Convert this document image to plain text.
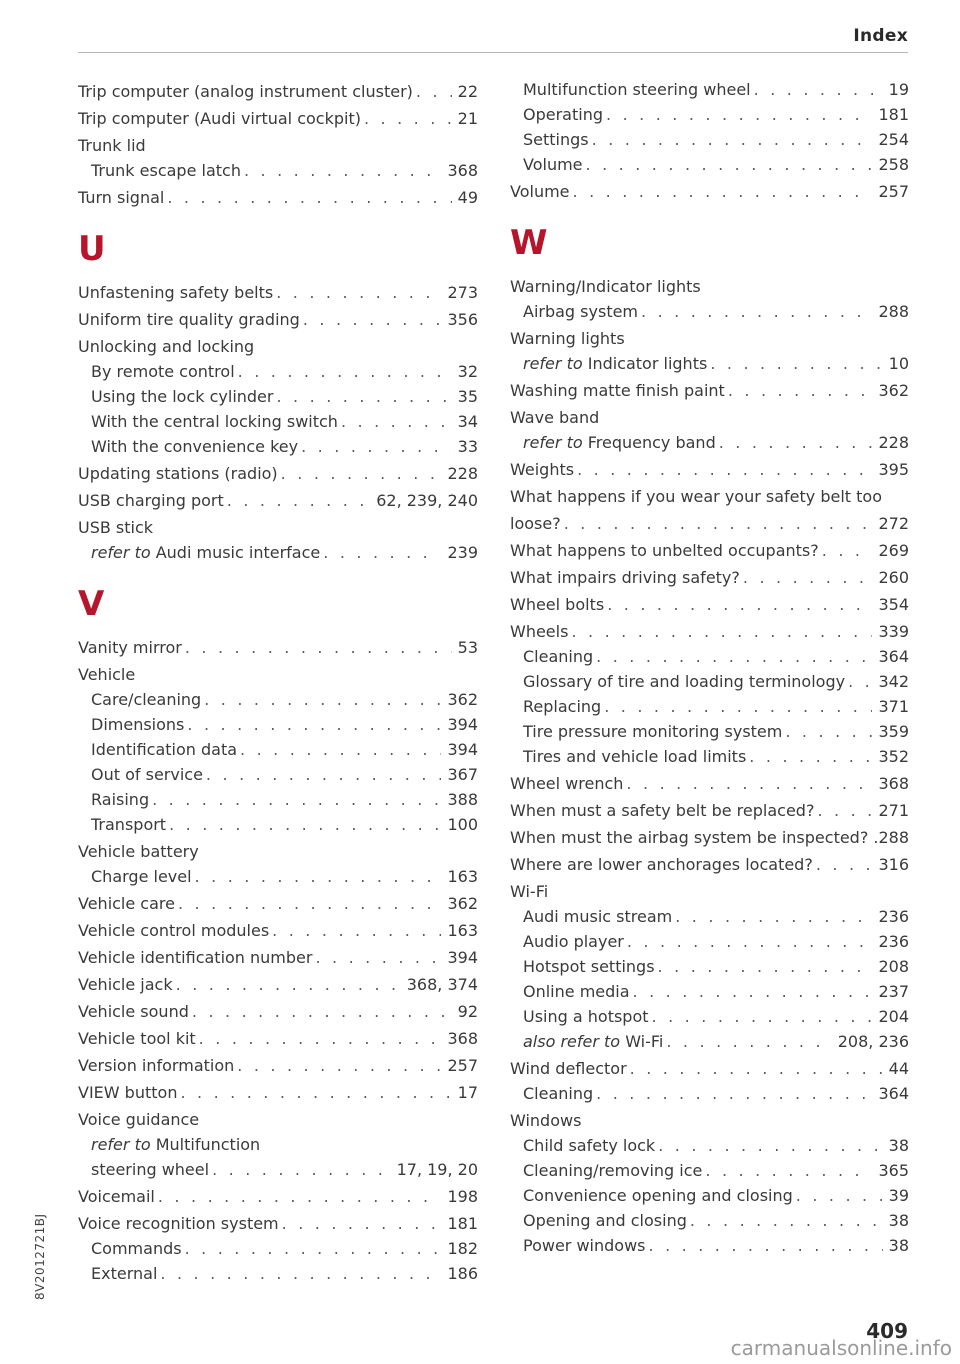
Index
Trip computer (analog instrument cluster) . . .	22
Trip computer (Audi virtual cockpit) . . .	21
Trunk lid
Trunk escape latch . . .	368
Turn signal . . .	49
U
Unfastening safety belts . . .	273
Uniform tire quality grading . . .	356
Unlocking and locking
By remote control . . .	32
Using the lock cylinder . . .	35
With the central locking switch . . .	34
With the convenience key . . .	33
Updating stations (radio) . . .	228
USB charging port . . .	62, 239, 240
USB stick
refer to Audi music interface . . .	239
V
Vanity mirror . . .	53
Vehicle
Care/cleaning . . .	362
Dimensions . . .	394
Identification data . . .	394
Out of service . . .	367
Raising . . .	388
Transport . . .	100
Vehicle battery
Charge level . . .	163
Vehicle care . . .	362
Vehicle control modules . . .	163
Vehicle identification number . . .	394
Vehicle jack . . .	368, 374
Vehicle sound . . .	92
Vehicle tool kit . . .	368
Version information . . .	257
VIEW button . . .	17
Voice guidance
refer to Multifunction
steering wheel . . .	17, 19, 20
Voicemail . . .	198
Voice recognition system . . .	181
Commands . . .	182
External . . .	186
Multifunction steering wheel . . .	19
Operating . . .	181
Settings . . .	254
Volume . . .	258
Volume . . .	257
W
Warning/Indicator lights
Airbag system . . .	288
Warning lights
refer to Indicator lights . . .	10
Washing matte finish paint . . .	362
Wave band
refer to Frequency band . . .	228
Weights . . .	395
What happens if you wear your safety belt too
loose? . . .	272
What happens to unbelted occupants? . . .	269
What impairs driving safety? . . .	260
Wheel bolts . . .	354
Wheels . . .	339
Cleaning . . .	364
Glossary of tire and loading terminology . . . 342
Replacing . . .	371
Tire pressure monitoring system . . .	359
Tires and vehicle load limits . . .	352
Wheel wrench . . .	368
When must a safety belt be replaced? . . .	271
When must the airbag system be inspected? .288
Where are lower anchorages located? . . .	316
Wi-Fi
Audi music stream . . .	236
Audio player . . .	236
Hotspot settings . . .	208
Online media . . .	237
Using a hotspot . . .	204
also refer to Wi-Fi . . .	208, 236
Wind deflector . . .	44
Cleaning . . .	364
Windows
Child safety lock . . .	38
Cleaning/removing ice . . .	365
Convenience opening and closing . . .	39
Opening and closing . . .	38
Power windows . . .	38
8V2012721BJ
409
carmanualsonline.info
